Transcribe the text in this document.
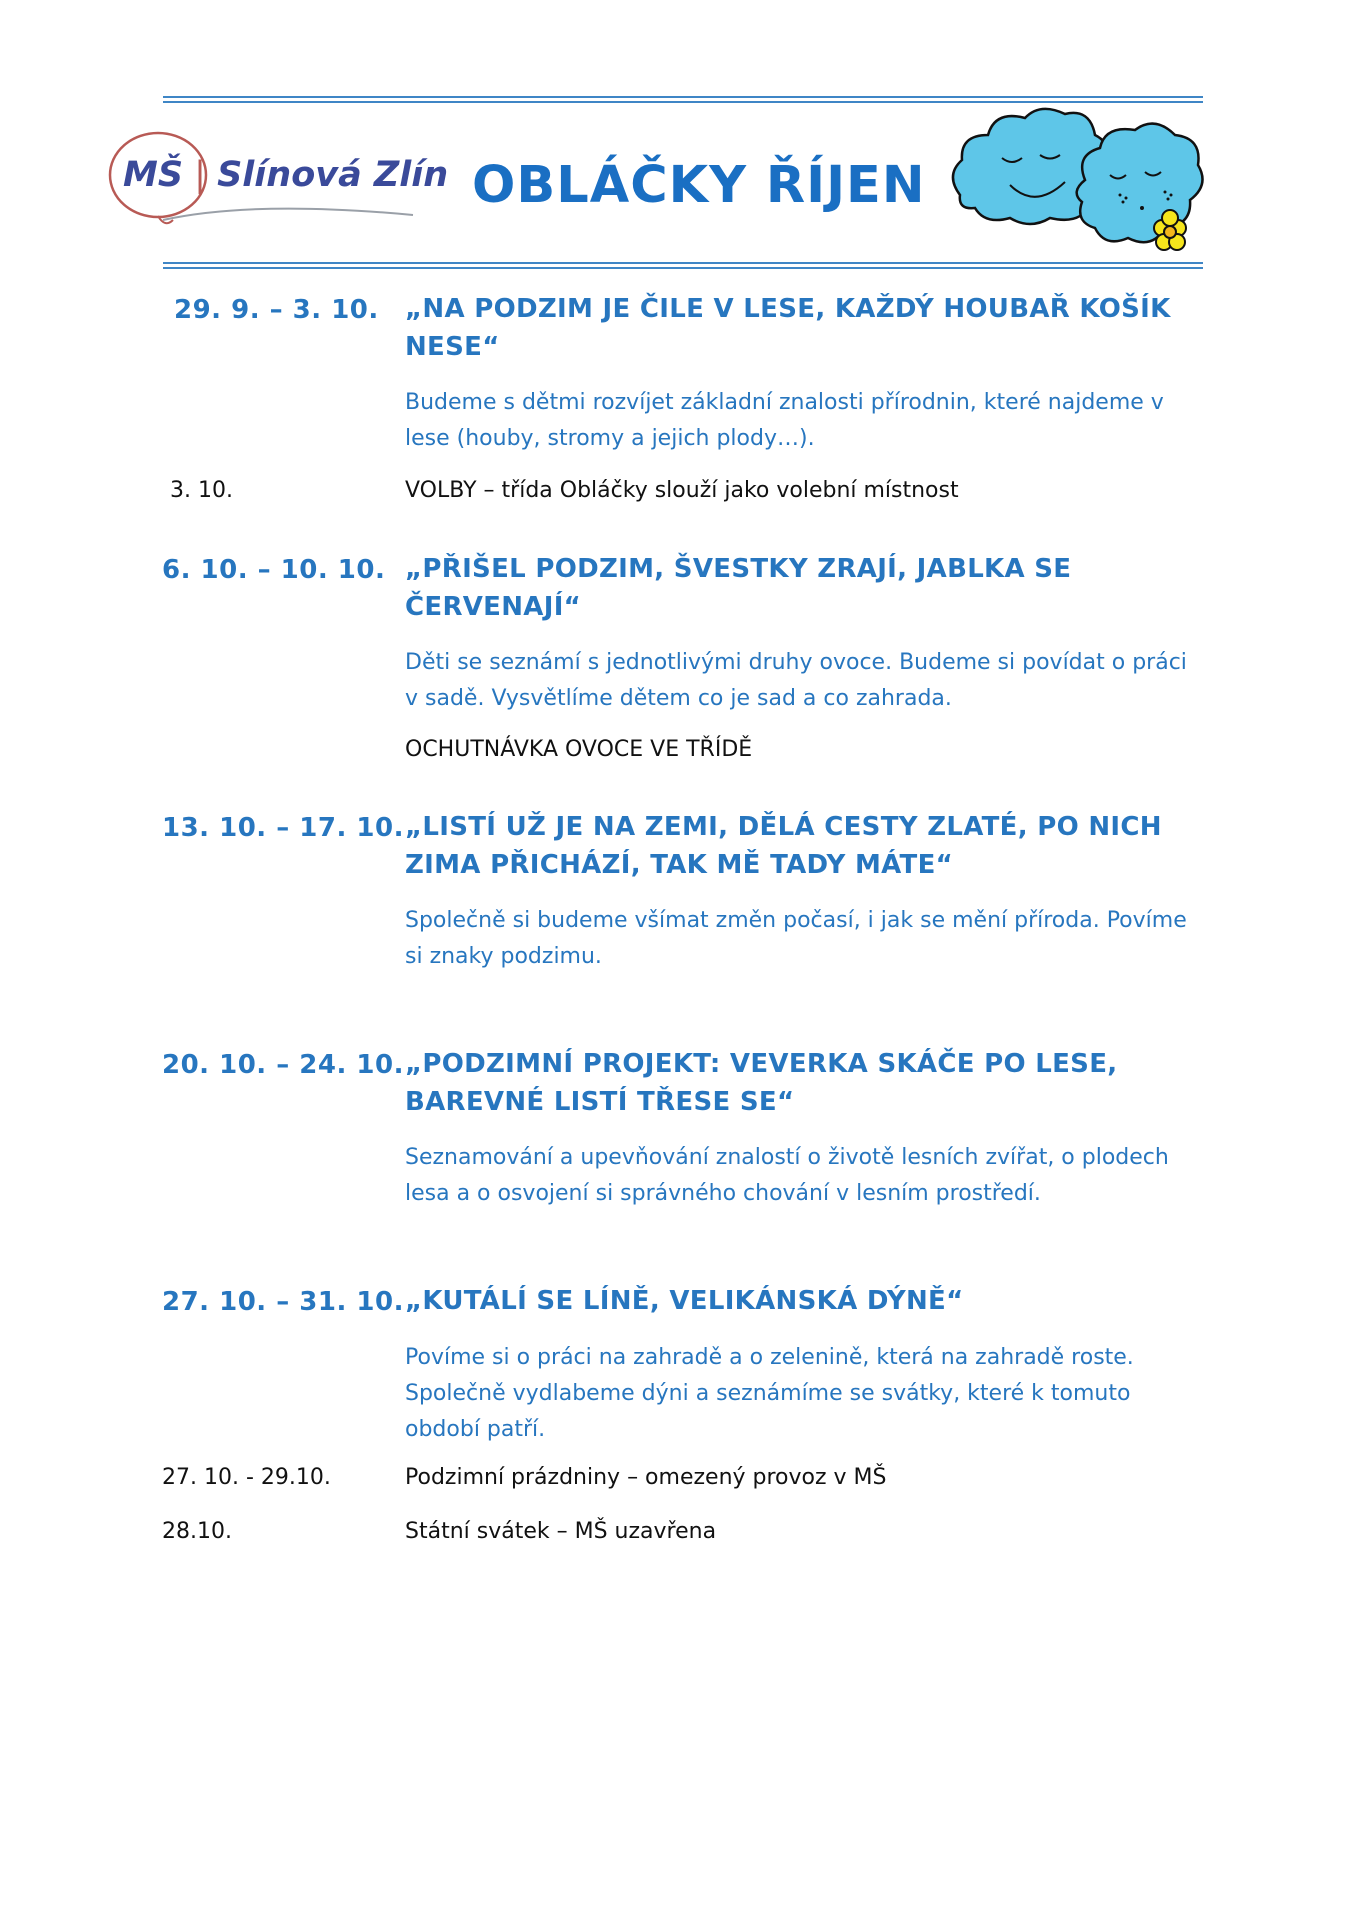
MŠ | Slínová Zlín OBLÁČKY ŘÍJEN
29. 9. – 3. 10. „NA PODZIM JE ČILE V LESE, KAŽDÝ HOUBAŘ KOŠÍK NESE“
Budeme s dětmi rozvíjet základní znalosti přírodnin, které najdeme v lese (houby, stromy a jejich plody…).
3. 10.	VOLBY – třída Obláčky slouží jako volební místnost
6. 10. – 10. 10. „PŘIŠEL PODZIM, ŠVESTKY ZRAJÍ, JABLKA SE ČERVENAJÍ“
Děti se seznámí s jednotlivými druhy ovoce. Budeme si povídat o práci v sadě. Vysvětlíme dětem co je sad a co zahrada.
OCHUTNÁVKA OVOCE VE TŘÍDĚ
13. 10. – 17. 10. „LISTÍ UŽ JE NA ZEMI, DĚLÁ CESTY ZLATÉ, PO NICH ZIMA PŘICHÁZÍ, TAK MĚ TADY MÁTE“
Společně si budeme všímat změn počasí, i jak se mění příroda. Povíme si znaky podzimu.
20. 10. – 24. 10. „PODZIMNÍ PROJEKT: VEVERKA SKÁČE PO LESE, BAREVNÉ LISTÍ TŘESE SE“
Seznamování a upevňování znalostí o životě lesních zvířat, o plodech lesa a o osvojení si správného chování v lesním prostředí.
27. 10. – 31. 10. „KUTÁLÍ SE LÍNĚ, VELIKÁNSKÁ DÝNĚ“
Povíme si o práci na zahradě a o zelenině, která na zahradě roste. Společně vydlabeme dýni a seznámíme se svátky, které k tomuto období patří.
27. 10. - 29.10.	Podzimní prázdniny – omezený provoz v MŠ
28.10.	Státní svátek – MŠ uzavřena
